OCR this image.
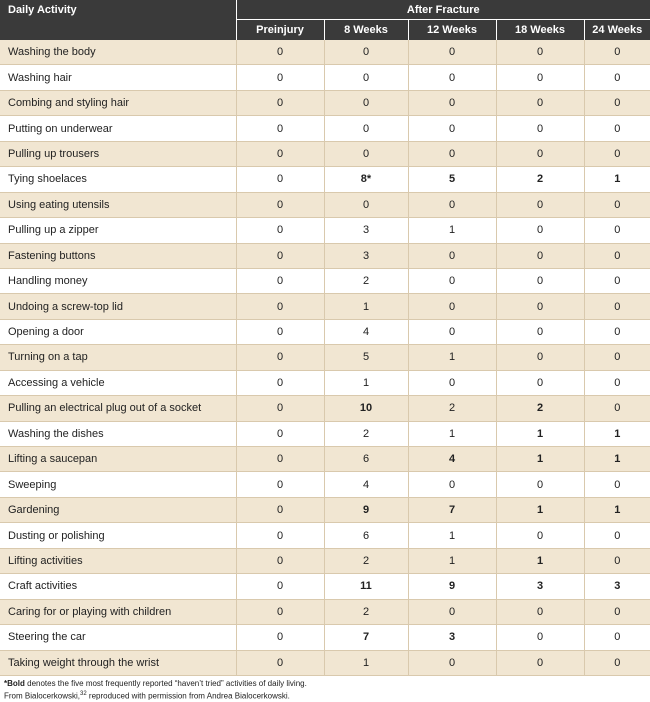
Daily Activity	After Fracture				
	Preinjury	8 Weeks	12 Weeks	18 Weeks	24 Weeks
Washing the body	0	0	0	0	0
Washing hair	0	0	0	0	0
Combing and styling hair	0	0	0	0	0
Putting on underwear	0	0	0	0	0
Pulling up trousers	0	0	0	0	0
Tying shoelaces	0	8*	5	2	1
Using eating utensils	0	0	0	0	0
Pulling up a zipper	0	3	1	0	0
Fastening buttons	0	3	0	0	0
Handling money	0	2	0	0	0
Undoing a screw-top lid	0	1	0	0	0
Opening a door	0	4	0	0	0
Turning on a tap	0	5	1	0	0
Accessing a vehicle	0	1	0	0	0
Pulling an electrical plug out of a socket	0	10	2	2	0
Washing the dishes	0	2	1	1	1
Lifting a saucepan	0	6	4	1	1
Sweeping	0	4	0	0	0
Gardening	0	9	7	1	1
Dusting or polishing	0	6	1	0	0
Lifting activities	0	2	1	1	0
Craft activities	0	11	9	3	3
Caring for or playing with children	0	2	0	0	0
Steering the car	0	7	3	0	0
Taking weight through the wrist	0	1	0	0	0
*Bold denotes the five most frequently reported “haven’t tried” activities of daily living.
From Bialocerkowski,$^{32}$ reproduced with permission from Andrea Bialocerkowski.
